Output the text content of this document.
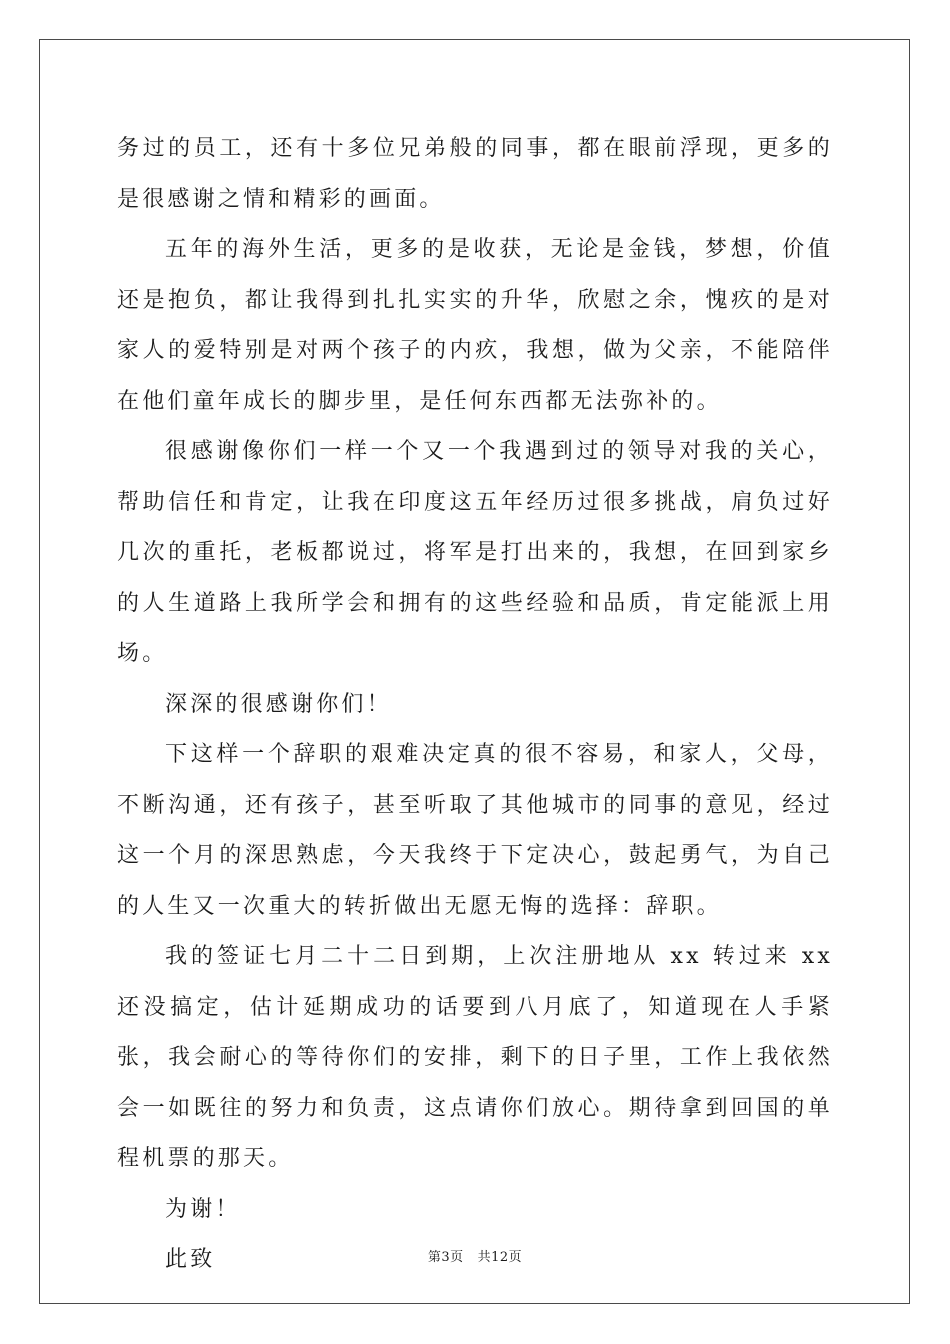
务过的员工，还有十多位兄弟般的同事，都在眼前浮现，更多的是很感谢之情和精彩的画面。

五年的海外生活，更多的是收获，无论是金钱，梦想，价值还是抱负，都让我得到扎扎实实的升华，欣慰之余，愧疚的是对家人的爱特别是对两个孩子的内疚，我想，做为父亲，不能陪伴在他们童年成长的脚步里，是任何东西都无法弥补的。

很感谢像你们一样一个又一个我遇到过的领导对我的关心，帮助信任和肯定，让我在印度这五年经历过很多挑战，肩负过好几次的重托，老板都说过，将军是打出来的，我想，在回到家乡的人生道路上我所学会和拥有的这些经验和品质，肯定能派上用场。

深深的很感谢你们！

下这样一个辞职的艰难决定真的很不容易，和家人，父母，不断沟通，还有孩子，甚至听取了其他城市的同事的意见，经过这一个月的深思熟虑，今天我终于下定决心，鼓起勇气，为自己的人生又一次重大的转折做出无愿无悔的选择：辞职。

我的签证七月二十二日到期，上次注册地从 xx 转过来 xx 还没搞定，估计延期成功的话要到八月底了，知道现在人手紧张，我会耐心的等待你们的安排，剩下的日子里，工作上我依然会一如既往的努力和负责，这点请你们放心。期待拿到回国的单程机票的那天。

为谢！

此致	第3页 共12页
